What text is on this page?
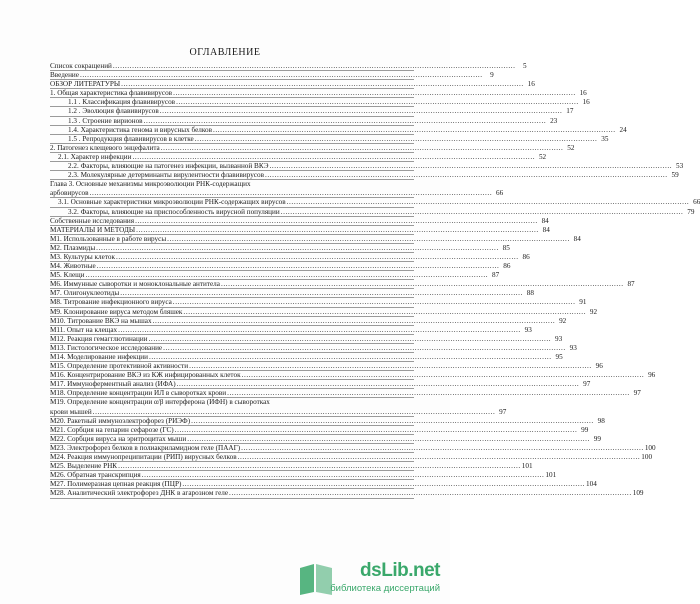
ОГЛАВЛЕНИЕ
Список сокращений .....	5
Введение .....	9
ОБЗОР ЛИТЕРАТУРЫ .....	16
1. Общая характеристика флавивирусов .....	16
1.1 . Классификация флавивирусов .....	16
1.2 . Эволюция флавивирусов .....	17
1.3 . Строение вирионов .....	23
1.4. Характеристика генома и вирусных белков .....	24
1.5 . Репродукция флавивирусов в клетке .....	35
2. Патогенез клещевого энцефалита .....	52
2.1. Характер инфекции .....	52
2.2. Факторы, влияющие на патогенез инфекции, вызванной ВКЭ .....	53
2.3. Молекулярные детерминанты вирулентности флавивирусов .....	59
Глава 3. Основные механизмы микроэволюции РНК-содержащих
арбовирусов .....	66
3.1. Основные характеристики микроэволюции РНК-содержащих вирусов .....	66
3.2. Факторы, влияющие на приспособленность вирусной популяции .....	79
Собственные исследования .....	84
МАТЕРИАЛЫ И МЕТОДЫ .....	84
M1. Использованные в работе вирусы .....	84
M2. Плазмиды .....	85
M3. Культуры клеток .....	86
M4. Животные .....	86
M5. Клещи .....	87
M6. Иммунные сыворотки и моноклональные антитела .....	87
M7. Олигонуклеотиды .....	88
M8. Титрование инфекционного вируса .....	91
M9. Клонирование вируса методом бляшек .....	92
M10. Титрование ВКЭ на мышах .....	92
M11. Опыт на клещах .....	93
M12. Реакция гемагглютинации .....	93
M13. Гистологическое исследование .....	93
M14. Моделирование инфекции .....	95
M15. Определение протективной активности .....	96
M16. Концентрирование ВКЭ из КЖ инфицированных клеток .....	96
M17. Иммуноферментный анализ (ИФА) .....	97
M18. Определение концентрации ИЛ в сыворотках крови .....	97
M19. Определение концентрации α/β интерферона (ИФН) в сыворотках
крови мышей .....	97
M20. Ракетный иммуноэлектрофорез (РИЭФ) .....	98
M21. Сорбция на гепарин сефарозе (ГС) .....	99
M22. Сорбция вируса на эритроцитах мыши .....	99
M23. Электрофорез белков в полиакриламидном геле (ПААГ) .....	100
M24. Реакция иммунопреципитации (РИП) вирусных белков .....	100
M25. Выделение РНК .....	101
M26. Обратная транскрипция .....	101
M27. Полимеразная цепная реакция (ПЦР) .....	104
M28. Аналитический электрофорез ДНК в агарозном геле .....	109
dsLib.net
библиотека диссертаций
